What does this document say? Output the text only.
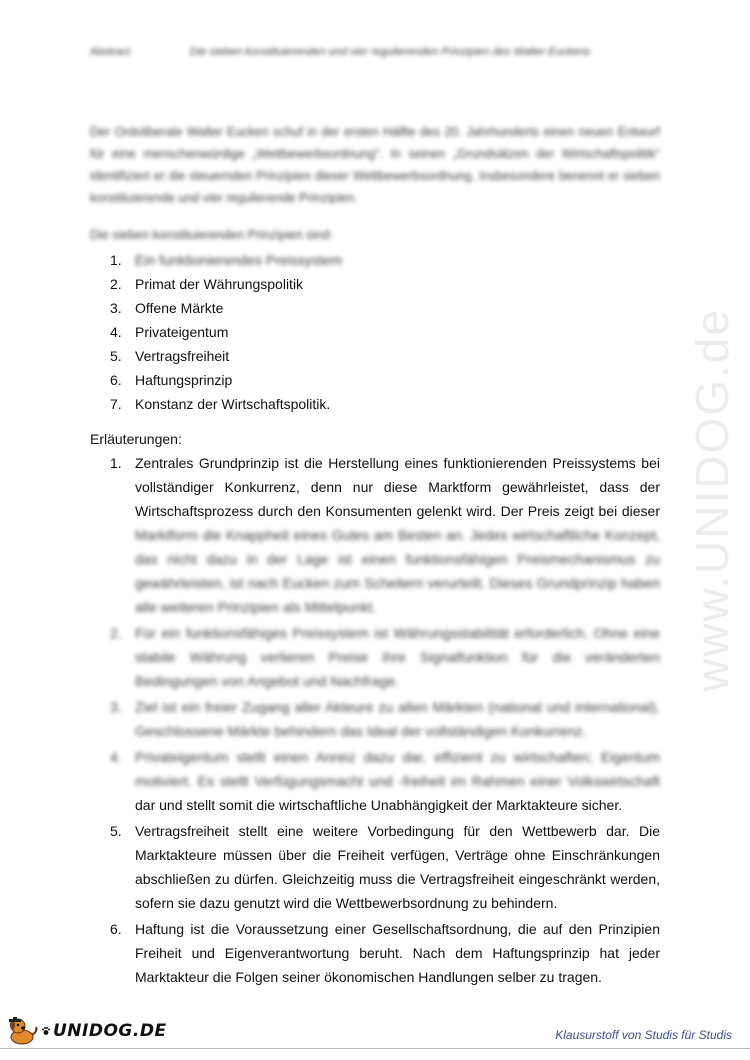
Abstract	Die sieben konstituierenden und vier regulierenden Prinzipien des Walter Euckens

Der Ordoliberale Walter Eucken schuf in der ersten Hälfte des 20. Jahrhunderts einen neuen Entwurf für eine menschenwürdige „Wettbewerbsordnung". In seinen „Grundsätzen der Wirtschaftspolitik" identifiziert er die steuernden Prinzipien dieser Wettbewerbsordnung. Insbesondere benennt er sieben konstituierende und vier regulierende Prinzipien.

Die sieben konstituierenden Prinzipien sind:
1. Ein funktionierendes Preissystem
2. Primat der Währungspolitik
3. Offene Märkte
4. Privateigentum
5. Vertragsfreiheit
6. Haftungsprinzip
7. Konstanz der Wirtschaftspolitik.
Erläuterungen:
1. Zentrales Grundprinzip ist die Herstellung eines funktionierenden Preissystems bei vollständiger Konkurrenz, denn nur diese Marktform gewährleistet, dass der Wirtschaftsprozess durch den Konsumenten gelenkt wird. Der Preis zeigt bei dieser Marktform die Knappheit eines Gutes am Besten an. Jedes wirtschaftliche Konzept, das nicht dazu in der Lage ist einen funktionsfähigen Preismechanismus zu gewährleisten, ist nach Eucken zum Scheitern verurteilt. Dieses Grundprinzip haben alle weiteren Prinzipien als Mittelpunkt.
2. Für ein funktionsfähiges Preissystem ist Währungsstabilität erforderlich. Ohne eine stabile Währung verlieren Preise ihre Signalfunktion für die veränderten Bedingungen von Angebot und Nachfrage.
3. Ziel ist ein freier Zugang aller Akteure zu allen Märkten (national und international). Geschlossene Märkte behindern das Ideal der vollständigen Konkurrenz.
4. Privateigentum stellt einen Anreiz dazu dar, effizient zu wirtschaften; Eigentum motiviert. Es stellt Verfügungsmacht und -freiheit im Rahmen einer Volkswirtschaft dar und stellt somit die wirtschaftliche Unabhängigkeit der Marktakteure sicher.
5. Vertragsfreiheit stellt eine weitere Vorbedingung für den Wettbewerb dar. Die Marktakteure müssen über die Freiheit verfügen, Verträge ohne Einschränkungen abschließen zu dürfen. Gleichzeitig muss die Vertragsfreiheit eingeschränkt werden, sofern sie dazu genutzt wird die Wettbewerbsordnung zu behindern.
6. Haftung ist die Voraussetzung einer Gesellschaftsordnung, die auf den Prinzipien Freiheit und Eigenverantwortung beruht. Nach dem Haftungsprinzip hat jeder Marktakteur die Folgen seiner ökonomischen Handlungen selber zu tragen.
www.UNIDOG.de
UNIDOG.DE	Klausurstoff von Studis für Studis
